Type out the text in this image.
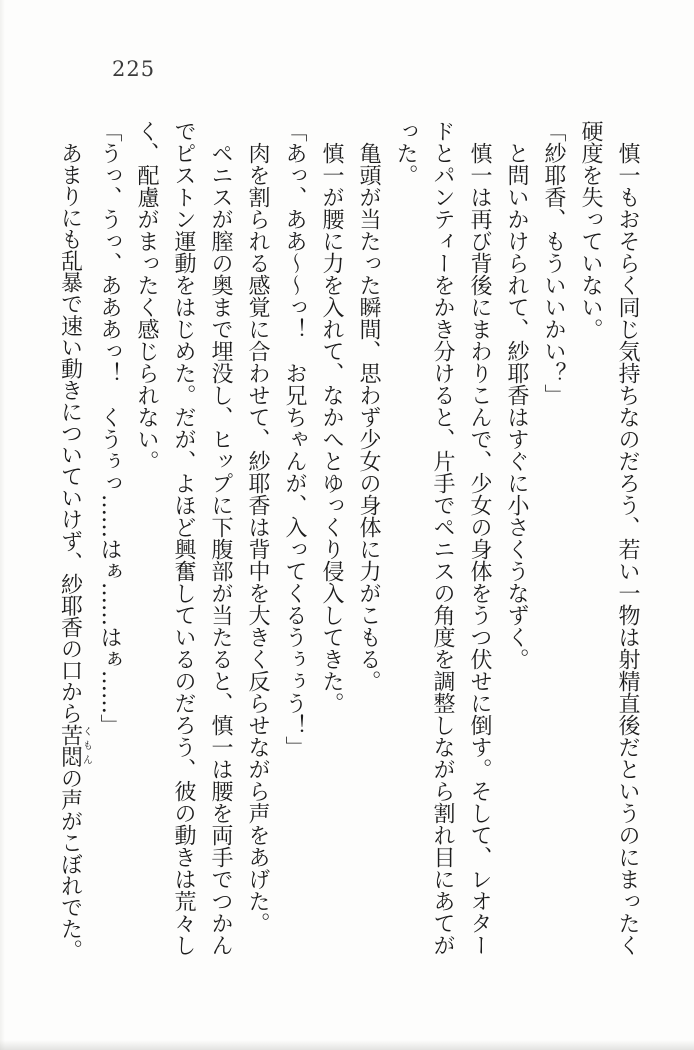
225

慎一もおそらく同じ気持ちなのだろう、若い一物は射精直後だというのにまったく硬度を失っていない。

「紗耶香、もういいかい？」

と問いかけられて、紗耶香はすぐに小さくうなずく。

慎一は再び背後にまわりこんで、少女の身体をうつ伏せに倒す。そして、レオタードとパンティーをかき分けると、片手でペニスの角度を調整しながら割れ目にあてがった。

亀頭が当たった瞬間、思わず少女の身体に力がこもる。

慎一が腰に力を入れて、なかへとゆっくり侵入してきた。

「あっ、ああ〜〜っ！　お兄ちゃんが、入ってくるうぅぅう！」

肉を割られる感覚に合わせて、紗耶香は背中を大きく反らせながら声をあげた。

ペニスが膣の奥まで埋没し、ヒップに下腹部が当たると、慎一は腰を両手でつかんでピストン運動をはじめた。だが、よほど興奮しているのだろう、彼の動きは荒々しく、配慮がまったく感じられない。

「うっ、うっ、あああっ！　くうぅっ……はぁ……はぁ……」

あまりにも乱暴で速い動きについていけず、紗耶香の口から苦悶くもんの声がこぼれでた。
